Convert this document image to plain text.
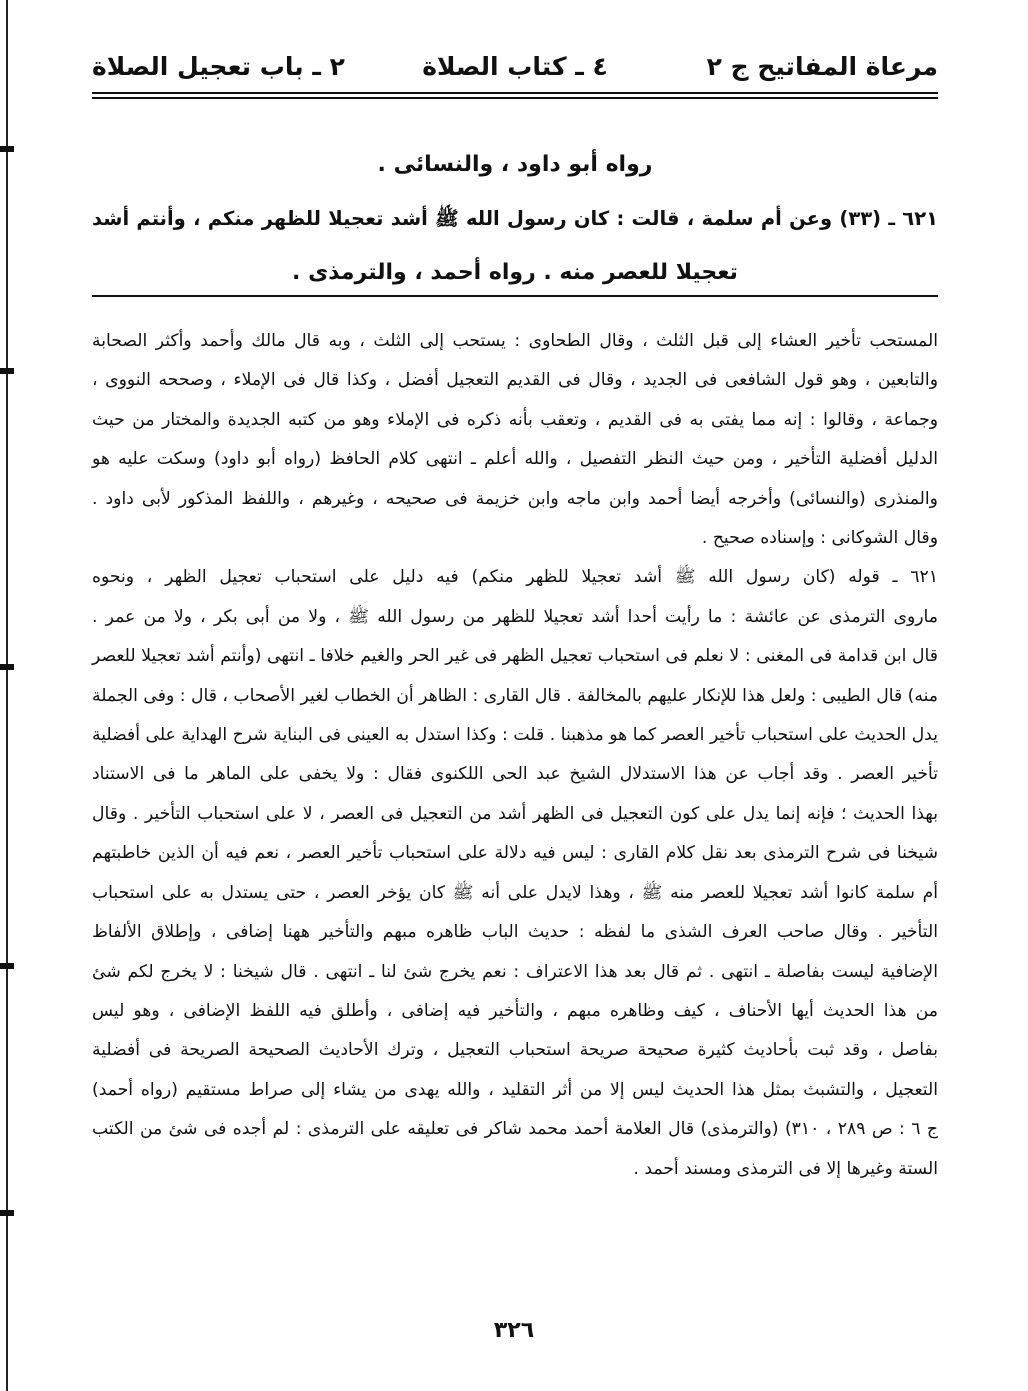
مرعاة المفاتيح ج ٢
٤ ـ كتاب الصلاة
٢ ـ باب تعجيل الصلاة

رواه أبو داود ، والنسائى .

٦٢١ ـ (٣٣) وعن أم سلمة ، قالت : كان رسول الله ﷺ أشد تعجيلا للظهر منكم ، وأنتم أشد

تعجيلا للعصر منه . رواه أحمد ، والترمذى .

المستحب تأخير العشاء إلى قبل الثلث ، وقال الطحاوى : يستحب إلى الثلث ، وبه قال مالك وأحمد وأكثر الصحابة

والتابعين ، وهو قول الشافعى فى الجديد ، وقال فى القديم التعجيل أفضل ، وكذا قال فى الإملاء ، وصححه النووى ،

وجماعة ، وقالوا : إنه مما يفتى به فى القديم ، وتعقب بأنه ذكره فى الإملاء وهو من كتبه الجديدة والمختار من حيث

الدليل أفضلية التأخير ، ومن حيث النظر التفصيل ، والله أعلم ـ انتهى كلام الحافظ (رواه أبو داود) وسكت عليه هو

والمنذرى (والنسائى) وأخرجه أيضا أحمد وابن ماجه وابن خزيمة فى صحيحه ، وغيرهم ، واللفظ المذكور لأبى داود .

وقال الشوكانى : وإسناده صحيح .

٦٢١ ـ قوله (كان رسول الله ﷺ أشد تعجيلا للظهر منكم) فيه دليل على استحباب تعجيل الظهر ، ونحوه

ماروى الترمذى عن عائشة : ما رأيت أحدا أشد تعجيلا للظهر من رسول الله ﷺ ، ولا من أبى بكر ، ولا من عمر .

قال ابن قدامة فى المغنى : لا نعلم فى استحباب تعجيل الظهر فى غير الحر والغيم خلافا ـ انتهى (وأنتم أشد تعجيلا للعصر

منه) قال الطيبى : ولعل هذا للإنكار عليهم بالمخالفة . قال القارى : الظاهر أن الخطاب لغير الأصحاب ، قال : وفى الجملة

يدل الحديث على استحباب تأخير العصر كما هو مذهبنا . قلت : وكذا استدل به العينى فى البناية شرح الهداية على أفضلية

تأخير العصر . وقد أجاب عن هذا الاستدلال الشيخ عبد الحى اللكنوى فقال : ولا يخفى على الماهر ما فى الاستناد

بهذا الحديث ؛ فإنه إنما يدل على كون التعجيل فى الظهر أشد من التعجيل فى العصر ، لا على استحباب التأخير . وقال

شيخنا فى شرح الترمذى بعد نقل كلام القارى : ليس فيه دلالة على استحباب تأخير العصر ، نعم فيه أن الذين خاطبتهم

أم سلمة كانوا أشد تعجيلا للعصر منه ﷺ ، وهذا لايدل على أنه ﷺ كان يؤخر العصر ، حتى يستدل به على استحباب

التأخير . وقال صاحب العرف الشذى ما لفظه : حديث الباب ظاهره مبهم والتأخير ههنا إضافى ، وإطلاق الألفاظ

الإضافية ليست بفاصلة ـ انتهى . ثم قال بعد هذا الاعتراف : نعم يخرج شئ لنا ـ انتهى . قال شيخنا : لا يخرج لكم شئ

من هذا الحديث أيها الأحناف ، كيف وظاهره مبهم ، والتأخير فيه إضافى ، وأطلق فيه اللفظ الإضافى ، وهو ليس

بفاصل ، وقد ثبت بأحاديث كثيرة صحيحة صريحة استحباب التعجيل ، وترك الأحاديث الصحيحة الصريحة فى أفضلية

التعجيل ، والتشبث بمثل هذا الحديث ليس إلا من أثر التقليد ، والله يهدى من يشاء إلى صراط مستقيم (رواه أحمد)

ج ٦ : ص ٢٨٩ ، ٣١٠) (والترمذى) قال العلامة أحمد محمد شاكر فى تعليقه على الترمذى : لم أجده فى شئ من الكتب

الستة وغيرها إلا فى الترمذى ومسند أحمد .

٣٢٦
